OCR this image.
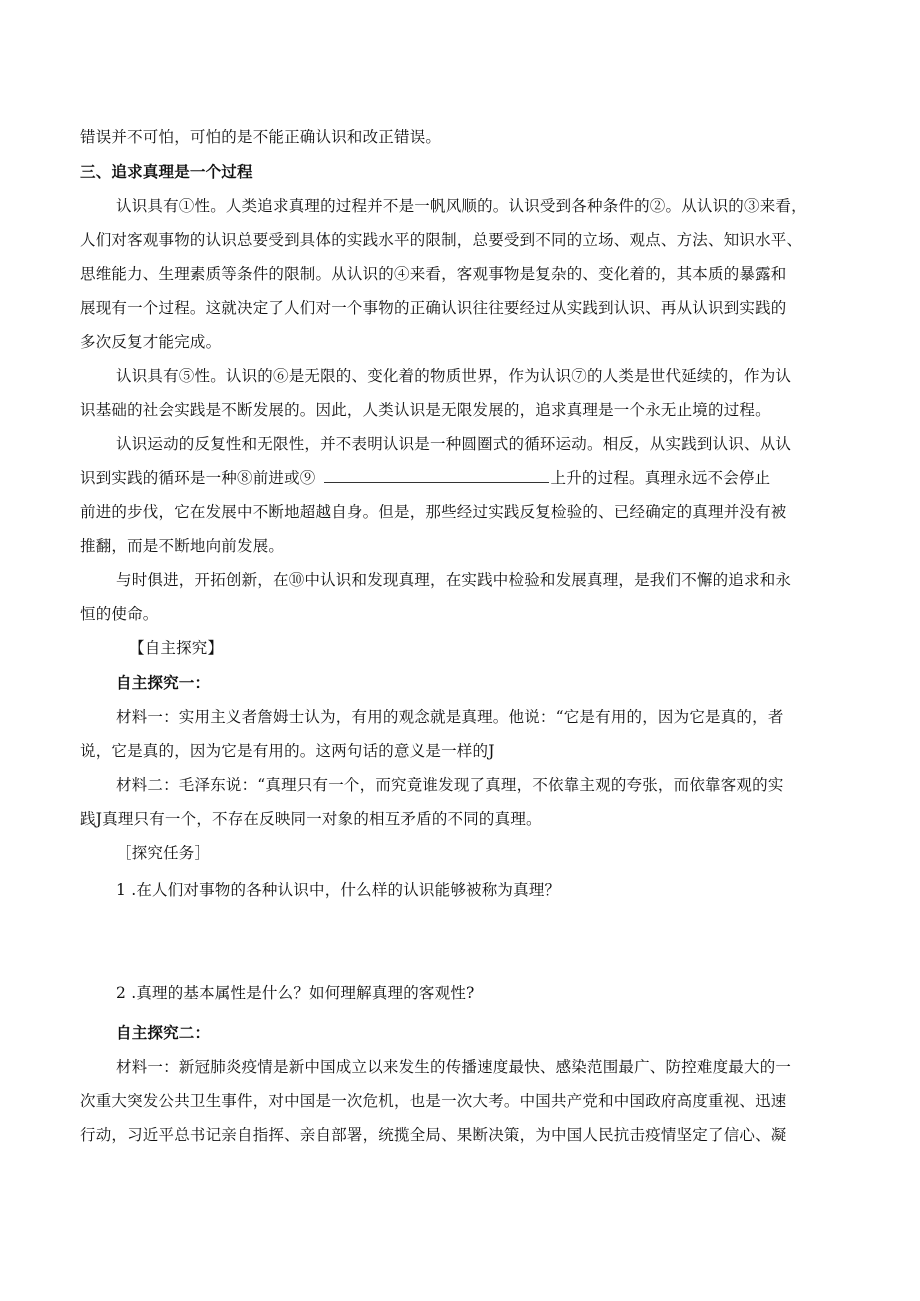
错误并不可怕，可怕的是不能正确认识和改正错误。
三、追求真理是一个过程
认识具有①性。人类追求真理的过程并不是一帆风顺的。认识受到各种条件的②。从认识的③来看，
人们对客观事物的认识总要受到具体的实践水平的限制，总要受到不同的立场、观点、方法、知识水平、
思维能力、生理素质等条件的限制。从认识的④来看，客观事物是复杂的、变化着的，其本质的暴露和
展现有一个过程。这就决定了人们对一个事物的正确认识往往要经过从实践到认识、再从认识到实践的
多次反复才能完成。
认识具有⑤性。认识的⑥是无限的、变化着的物质世界，作为认识⑦的人类是世代延续的，作为认
识基础的社会实践是不断发展的。因此，人类认识是无限发展的，追求真理是一个永无止境的过程。
认识运动的反复性和无限性，并不表明认识是一种圆圈式的循环运动。相反，从实践到认识、从认
识到实践的循环是一种⑧前进或⑨	上升的过程。真理永远不会停止
前进的步伐，它在发展中不断地超越自身。但是，那些经过实践反复检验的、已经确定的真理并没有被
推翻，而是不断地向前发展。
与时俱进，开拓创新，在⑩中认识和发现真理，在实践中检验和发展真理，是我们不懈的追求和永
恒的使命。
【自主探究】
自主探究一：
材料一：实用主义者詹姆士认为，有用的观念就是真理。他说：“它是有用的，因为它是真的，者
说，它是真的，因为它是有用的。这两句话的意义是一样的J
材料二：毛泽东说：“真理只有一个，而究竟谁发现了真理，不依靠主观的夸张，而依靠客观的实
践J真理只有一个，不存在反映同一对象的相互矛盾的不同的真理。
［探究任务］
1 .在人们对事物的各种认识中，什么样的认识能够被称为真理？
2 .真理的基本属性是什么？如何理解真理的客观性?
自主探究二：
材料一：新冠肺炎疫情是新中国成立以来发生的传播速度最快、感染范围最广、防控难度最大的一
次重大突发公共卫生事件，对中国是一次危机，也是一次大考。中国共产党和中国政府高度重视、迅速
行动，习近平总书记亲自指挥、亲自部署，统揽全局、果断决策，为中国人民抗击疫情坚定了信心、凝
